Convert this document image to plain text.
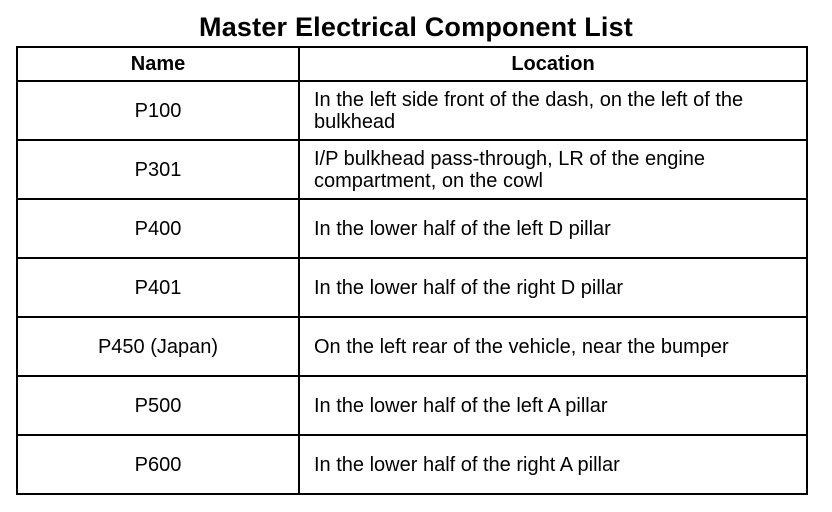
Master Electrical Component List
Name	Location
P100	In the left side front of the dash, on the left of the bulkhead
P301	I/P bulkhead pass-through, LR of the engine compartment, on the cowl
P400	In the lower half of the left D pillar
P401	In the lower half of the right D pillar
P450 (Japan)	On the left rear of the vehicle, near the bumper
P500	In the lower half of the left A pillar
P600	In the lower half of the right A pillar
